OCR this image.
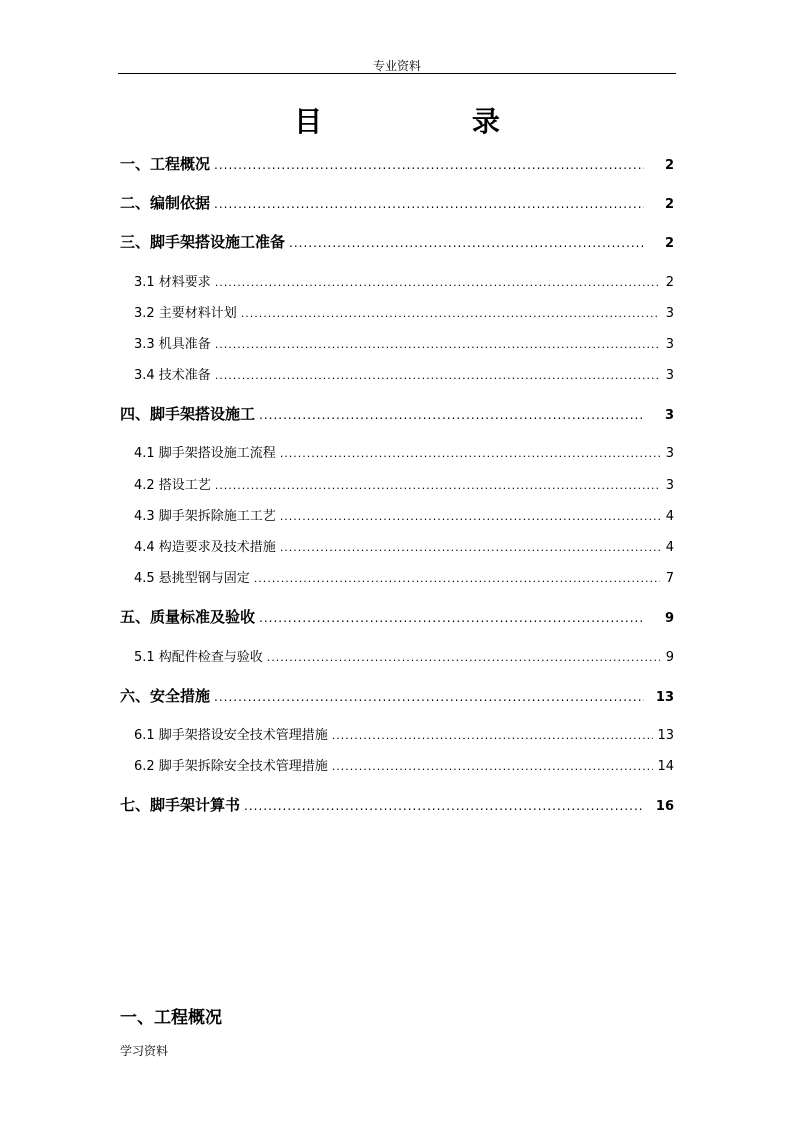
专业资料
目 录
一、工程概况 .....	2
二、编制依据 .....	2
三、脚手架搭设施工准备 .....	2
3.1 材料要求 .....	2
3.2 主要材料计划 .....	3
3.3 机具准备 .....	3
3.4 技术准备 .....	3
四、脚手架搭设施工 .....	3
4.1 脚手架搭设施工流程 .....	3
4.2 搭设工艺 .....	3
4.3 脚手架拆除施工工艺 .....	4
4.4 构造要求及技术措施 .....	4
4.5 悬挑型钢与固定 .....	7
五、质量标准及验收 .....	9
5.1 构配件检查与验收 .....	9
六、安全措施 .....	13
6.1 脚手架搭设安全技术管理措施 .....	13
6.2 脚手架拆除安全技术管理措施 .....	14
七、脚手架计算书 .....	16
一、工程概况
学习资料
